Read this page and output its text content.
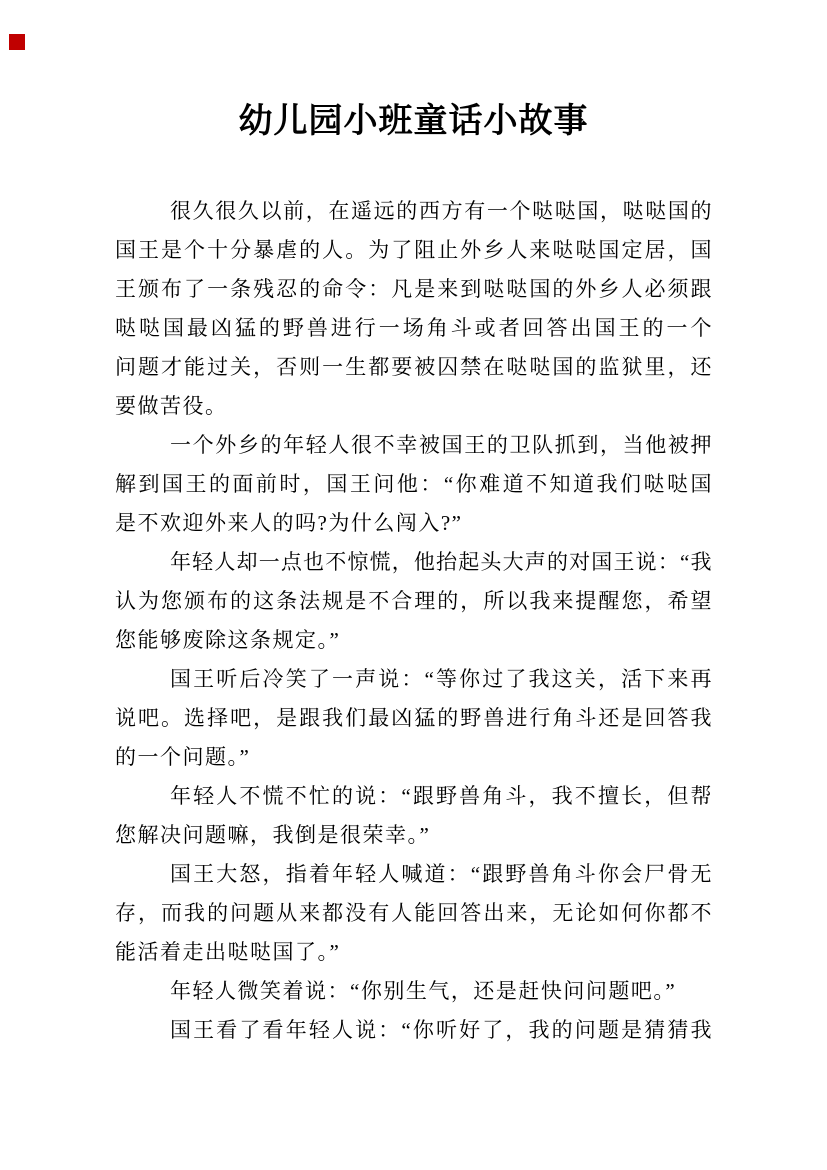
幼儿园小班童话小故事
很久很久以前，在遥远的西方有一个哒哒国，哒哒国的
国王是个十分暴虐的人。为了阻止外乡人来哒哒国定居，国
王颁布了一条残忍的命令：凡是来到哒哒国的外乡人必须跟
哒哒国最凶猛的野兽进行一场角斗或者回答出国王的一个
问题才能过关，否则一生都要被囚禁在哒哒国的监狱里，还
要做苦役。
一个外乡的年轻人很不幸被国王的卫队抓到，当他被押
解到国王的面前时，国王问他：“你难道不知道我们哒哒国
是不欢迎外来人的吗?为什么闯入?”
年轻人却一点也不惊慌，他抬起头大声的对国王说：“我
认为您颁布的这条法规是不合理的，所以我来提醒您，希望
您能够废除这条规定。”
国王听后冷笑了一声说：“等你过了我这关，活下来再
说吧。选择吧，是跟我们最凶猛的野兽进行角斗还是回答我
的一个问题。”
年轻人不慌不忙的说：“跟野兽角斗，我不擅长，但帮
您解决问题嘛，我倒是很荣幸。”
国王大怒，指着年轻人喊道：“跟野兽角斗你会尸骨无
存，而我的问题从来都没有人能回答出来，无论如何你都不
能活着走出哒哒国了。”
年轻人微笑着说：“你别生气，还是赶快问问题吧。”
国王看了看年轻人说：“你听好了，我的问题是猜猜我
